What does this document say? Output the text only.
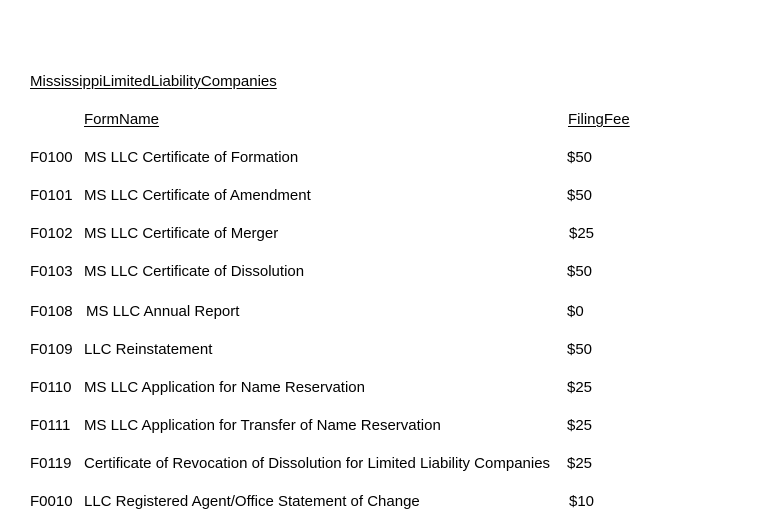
MississippiLimitedLiabilityCompanies
FormName	FilingFee
F0100 MS LLC Certificate of Formation	$50
F0101 MS LLC Certificate of Amendment	$50
F0102 MS LLC Certificate of Merger	$25
F0103 MS LLC Certificate of Dissolution	$50
F0108 MS LLC Annual Report	$0
F0109 LLC Reinstatement	$50
F0110 MS LLC Application for Name Reservation	$25
F0111 MS LLC Application for Transfer of Name Reservation	$25
F0119 Certificate of Revocation of Dissolution for Limited Liability Companies $25
F0010 LLC Registered Agent/Office Statement of Change	$10
